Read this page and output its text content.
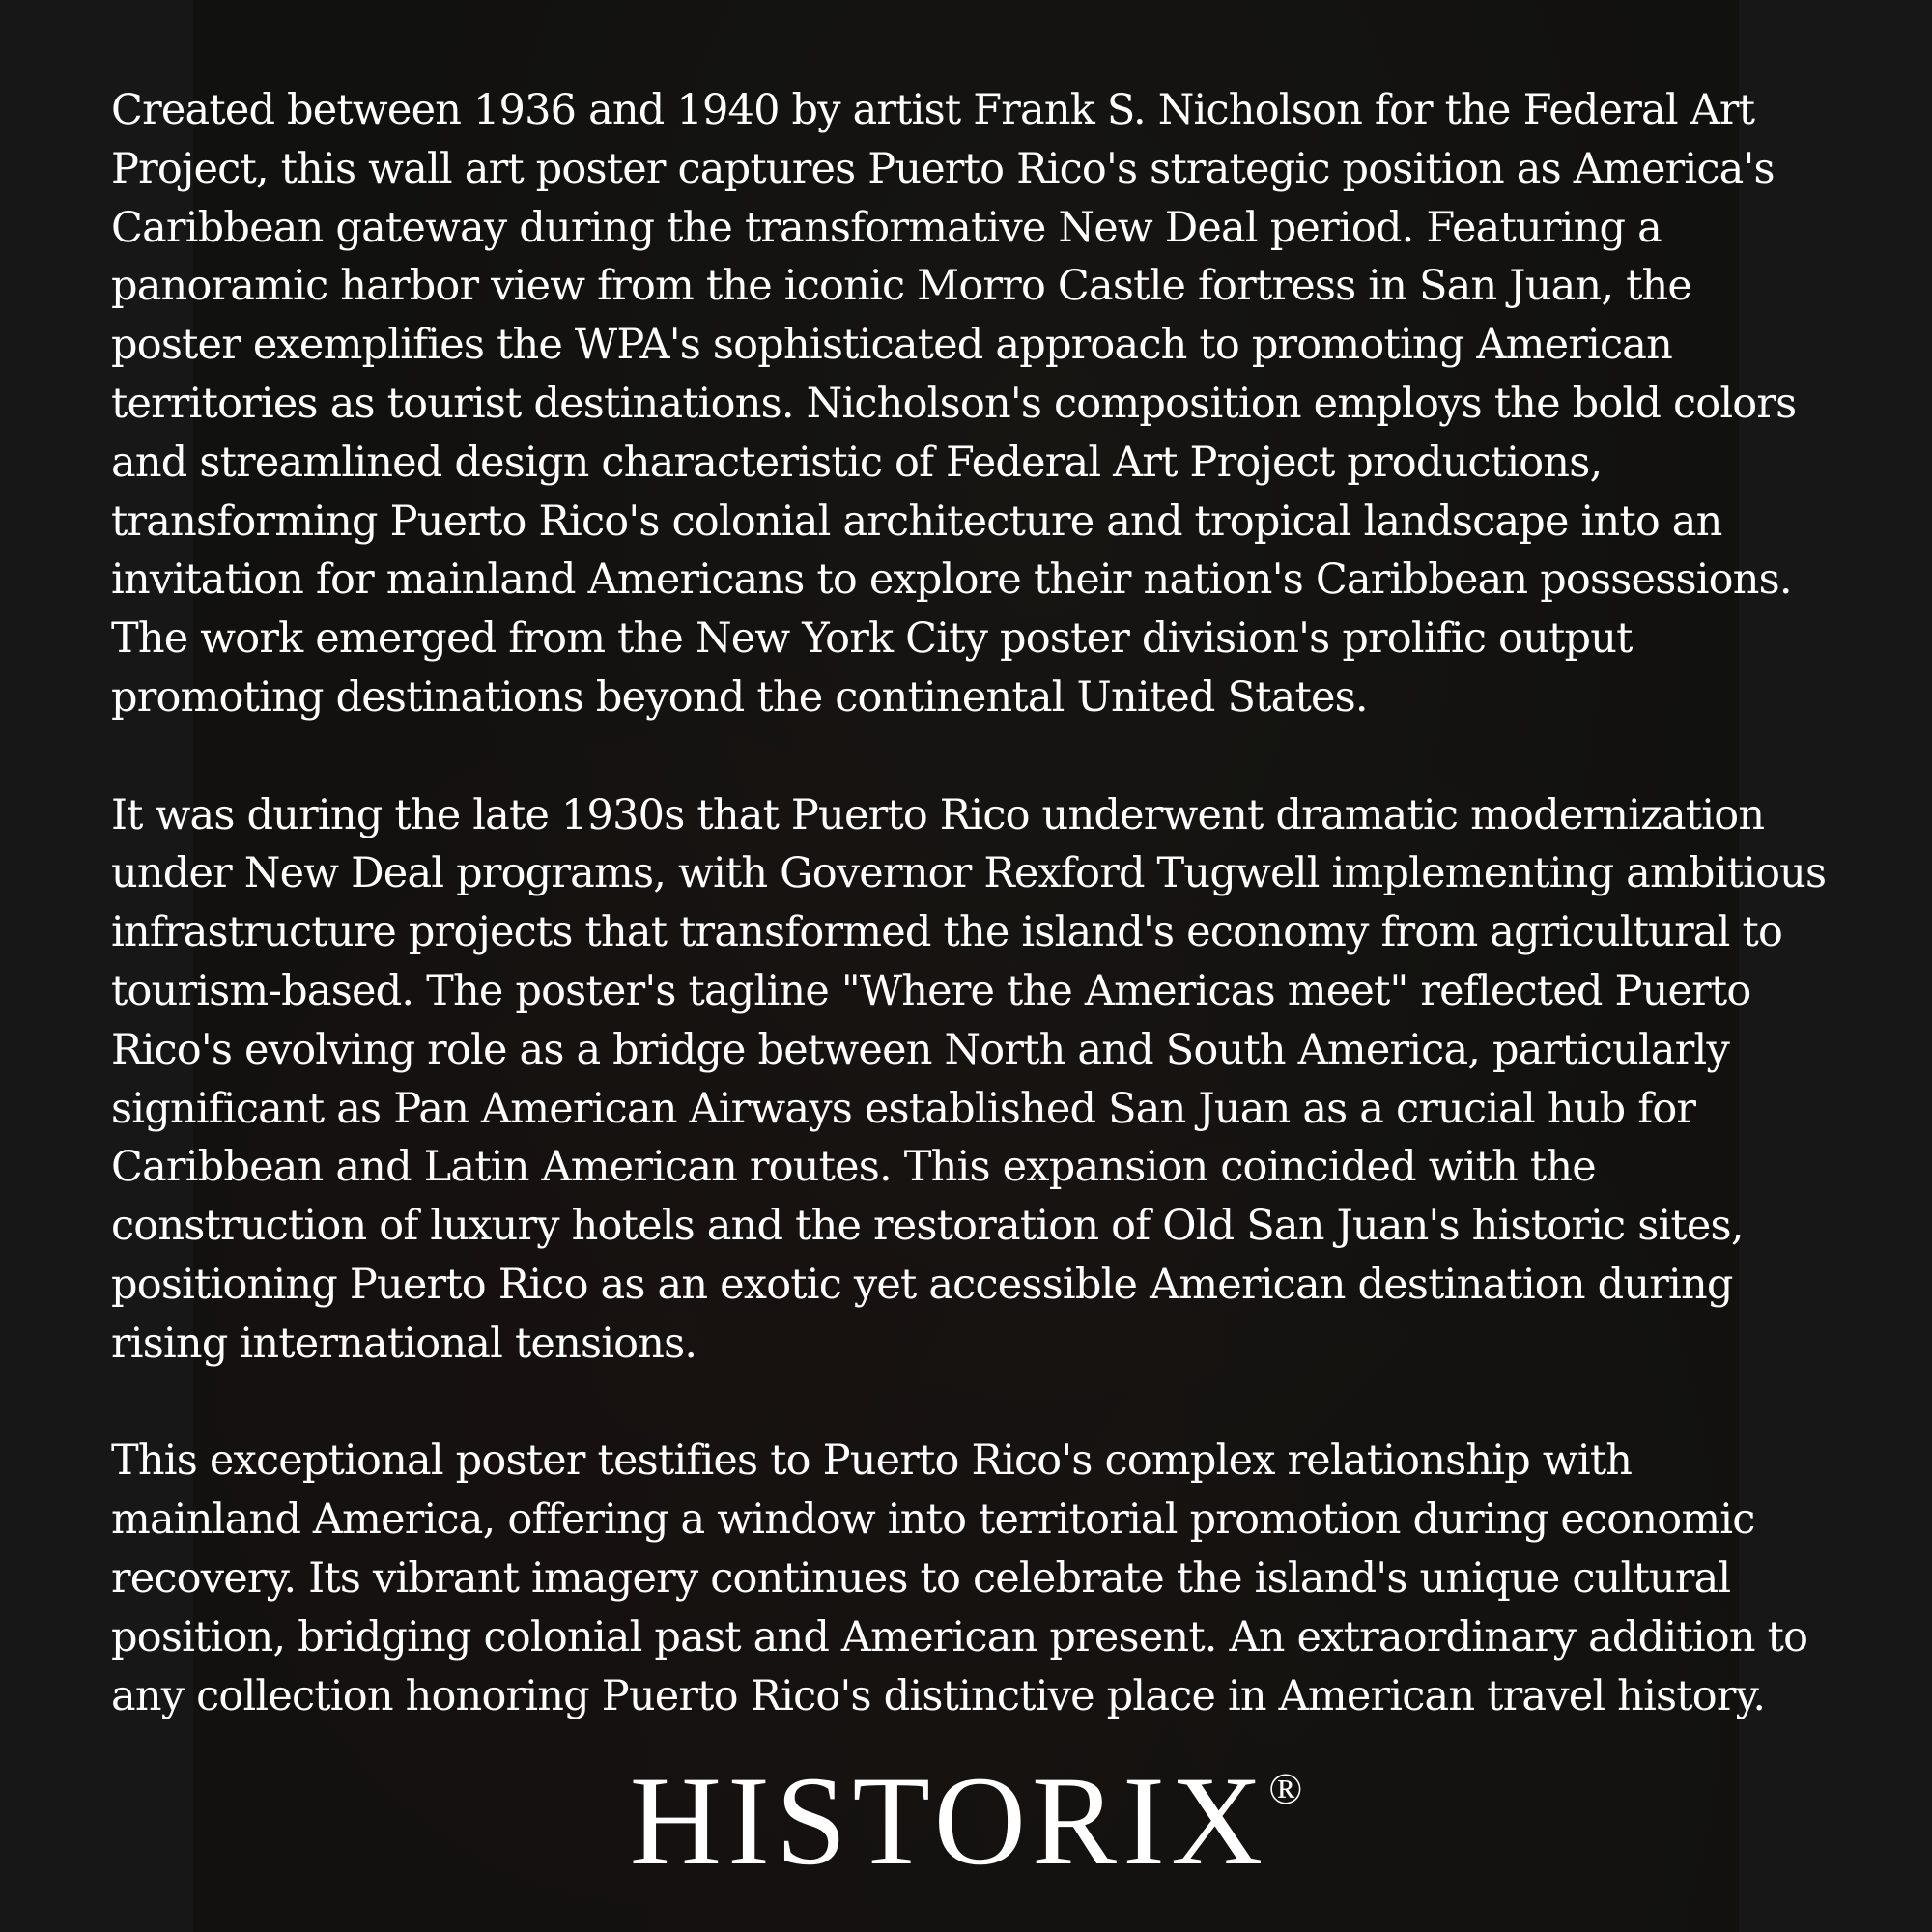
Created between 1936 and 1940 by artist Frank S. Nicholson for the Federal Art Project, this wall art poster captures Puerto Rico's strategic position as America's Caribbean gateway during the transformative New Deal period. Featuring a panoramic harbor view from the iconic Morro Castle fortress in San Juan, the poster exemplifies the WPA's sophisticated approach to promoting American territories as tourist destinations. Nicholson's composition employs the bold colors and streamlined design characteristic of Federal Art Project productions, transforming Puerto Rico's colonial architecture and tropical landscape into an invitation for mainland Americans to explore their nation's Caribbean possessions. The work emerged from the New York City poster division's prolific output promoting destinations beyond the continental United States.

It was during the late 1930s that Puerto Rico underwent dramatic modernization under New Deal programs, with Governor Rexford Tugwell implementing ambitious infrastructure projects that transformed the island's economy from agricultural to tourism-based. The poster's tagline "Where the Americas meet" reflected Puerto Rico's evolving role as a bridge between North and South America, particularly significant as Pan American Airways established San Juan as a crucial hub for Caribbean and Latin American routes. This expansion coincided with the construction of luxury hotels and the restoration of Old San Juan's historic sites, positioning Puerto Rico as an exotic yet accessible American destination during rising international tensions.

This exceptional poster testifies to Puerto Rico's complex relationship with mainland America, offering a window into territorial promotion during economic recovery. Its vibrant imagery continues to celebrate the island's unique cultural position, bridging colonial past and American present. An extraordinary addition to any collection honoring Puerto Rico's distinctive place in American travel history.

HISTORIX®
